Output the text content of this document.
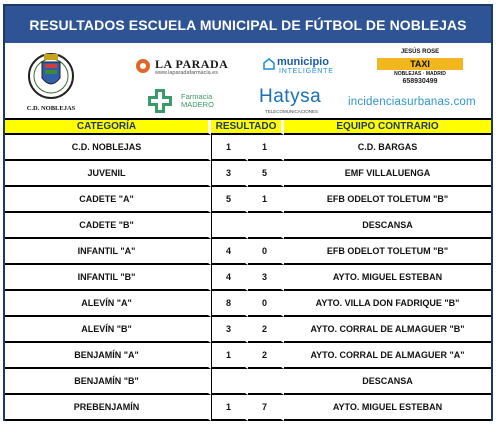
RESULTADOS ESCUELA MUNICIPAL DE FÚTBOL DE NOBLEJAS
C.D. NOBLEJAS
LA PARADA
www.laparadafarmacia.es
Farmacia
MADERO
municipio
INTELIGENTE
Hatysa
TELECOMUNICACIONES
JESÚS ROSE
TAXI
NOBLEJAS · MADRID
658930499
incidenciasurbanas.com
CATEGORÍA	RESULTADO		EQUIPO CONTRARIO
C.D. NOBLEJAS	1	1	C.D. BARGAS
JUVENIL	3	5	EMF VILLALUENGA
CADETE "A"	5	1	EFB ODELOT TOLETUM "B"
CADETE "B"			DESCANSA
INFANTIL "A"	4	0	EFB ODELOT TOLETUM "B"
INFANTIL "B"	4	3	AYTO. MIGUEL ESTEBAN
ALEVÍN "A"	8	0	AYTO. VILLA DON FADRIQUE "B"
ALEVÍN "B"	3	2	AYTO. CORRAL DE ALMAGUER "B"
BENJAMÍN "A"	1	2	AYTO. CORRAL DE ALMAGUER "A"
BENJAMÍN "B"			DESCANSA
PREBENJAMÍN	1	7	AYTO. MIGUEL ESTEBAN
